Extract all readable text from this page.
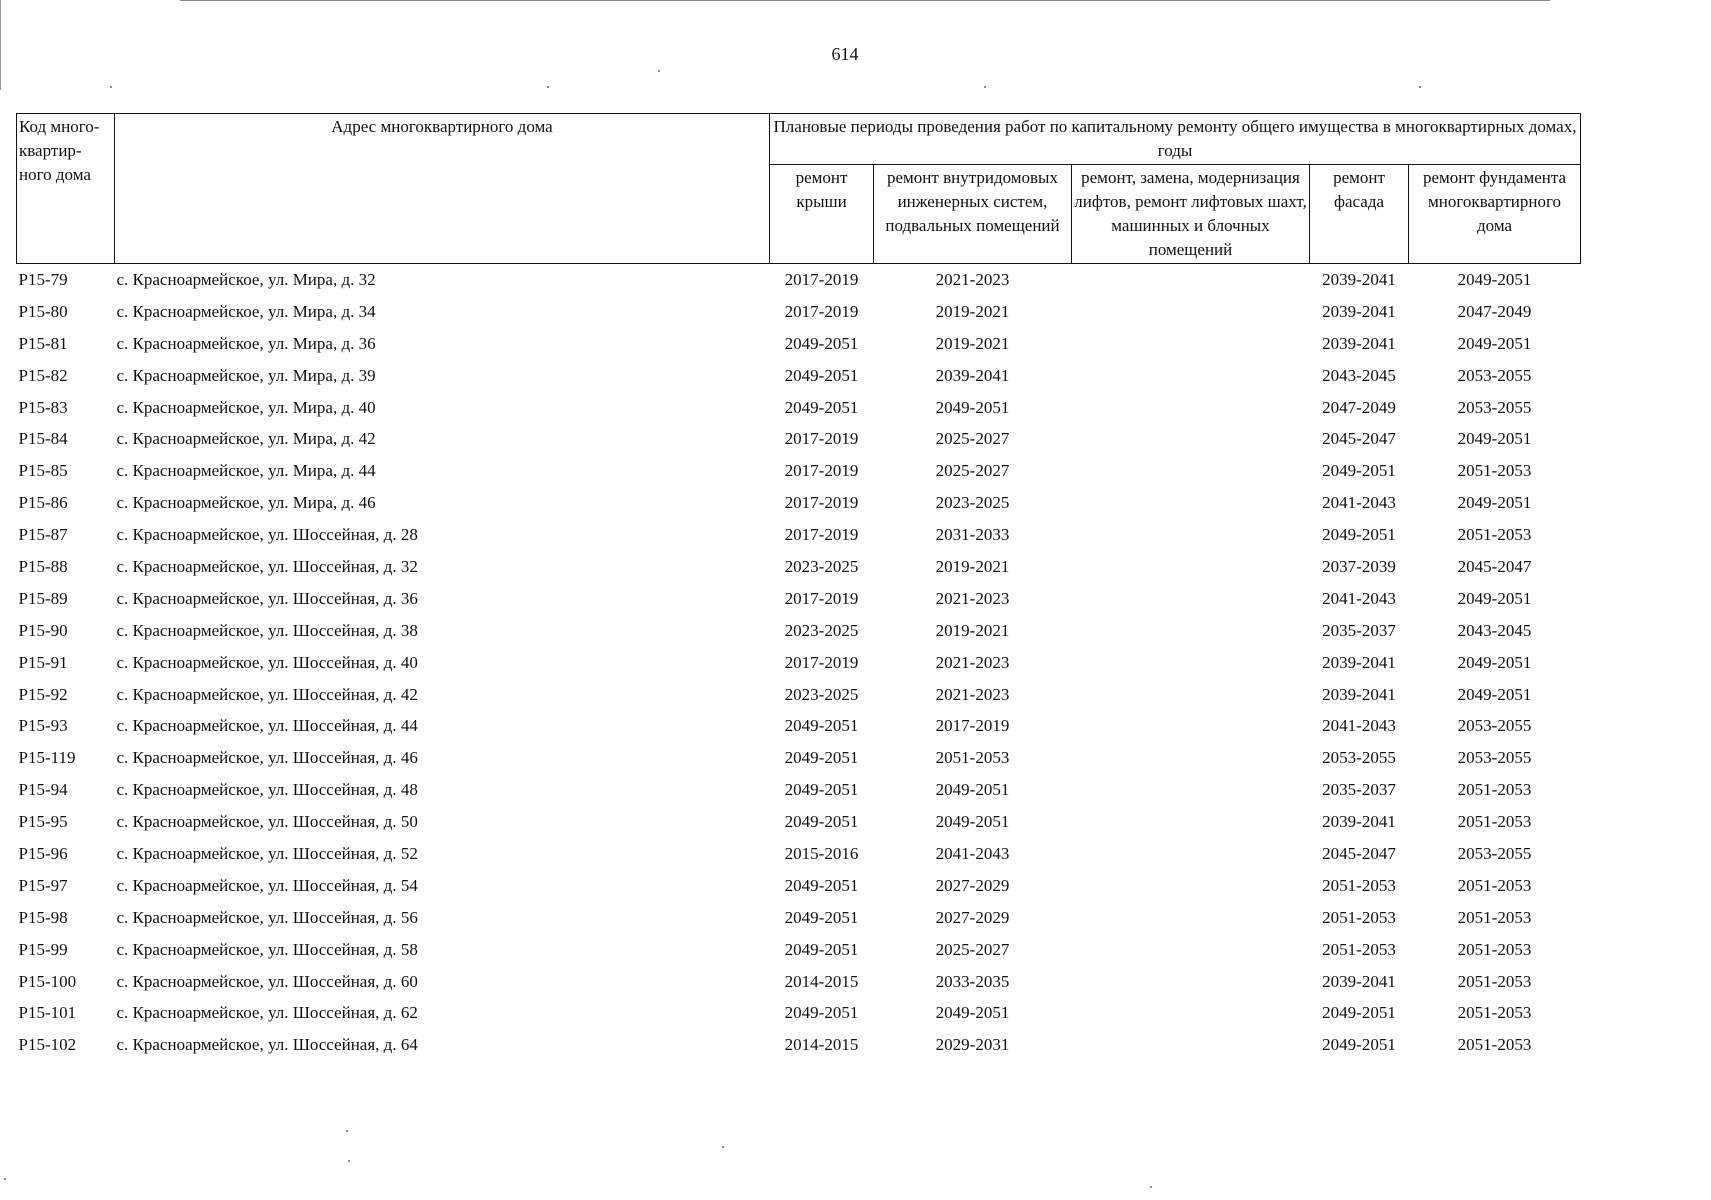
614
Код много-квартир-ного дома	Адрес многоквартирного дома	Плановые периоды проведения работ по капитальному ремонту общего имущества в многоквартирных домах, годы				
		ремонт крыши	ремонт внутридомовых инженерных систем, подвальных помещений	ремонт, замена, модернизация лифтов, ремонт лифтовых шахт, машинных и блочных помещений	ремонт фасада	ремонт фундамента многоквартирного дома
P15-79	с. Красноармейское, ул. Мира, д. 32	2017-2019	2021-2023		2039-2041	2049-2051
P15-80	с. Красноармейское, ул. Мира, д. 34	2017-2019	2019-2021		2039-2041	2047-2049
P15-81	с. Красноармейское, ул. Мира, д. 36	2049-2051	2019-2021		2039-2041	2049-2051
P15-82	с. Красноармейское, ул. Мира, д. 39	2049-2051	2039-2041		2043-2045	2053-2055
P15-83	с. Красноармейское, ул. Мира, д. 40	2049-2051	2049-2051		2047-2049	2053-2055
P15-84	с. Красноармейское, ул. Мира, д. 42	2017-2019	2025-2027		2045-2047	2049-2051
P15-85	с. Красноармейское, ул. Мира, д. 44	2017-2019	2025-2027		2049-2051	2051-2053
P15-86	с. Красноармейское, ул. Мира, д. 46	2017-2019	2023-2025		2041-2043	2049-2051
P15-87	с. Красноармейское, ул. Шоссейная, д. 28	2017-2019	2031-2033		2049-2051	2051-2053
P15-88	с. Красноармейское, ул. Шоссейная, д. 32	2023-2025	2019-2021		2037-2039	2045-2047
P15-89	с. Красноармейское, ул. Шоссейная, д. 36	2017-2019	2021-2023		2041-2043	2049-2051
P15-90	с. Красноармейское, ул. Шоссейная, д. 38	2023-2025	2019-2021		2035-2037	2043-2045
P15-91	с. Красноармейское, ул. Шоссейная, д. 40	2017-2019	2021-2023		2039-2041	2049-2051
P15-92	с. Красноармейское, ул. Шоссейная, д. 42	2023-2025	2021-2023		2039-2041	2049-2051
P15-93	с. Красноармейское, ул. Шоссейная, д. 44	2049-2051	2017-2019		2041-2043	2053-2055
P15-119	с. Красноармейское, ул. Шоссейная, д. 46	2049-2051	2051-2053		2053-2055	2053-2055
P15-94	с. Красноармейское, ул. Шоссейная, д. 48	2049-2051	2049-2051		2035-2037	2051-2053
P15-95	с. Красноармейское, ул. Шоссейная, д. 50	2049-2051	2049-2051		2039-2041	2051-2053
P15-96	с. Красноармейское, ул. Шоссейная, д. 52	2015-2016	2041-2043		2045-2047	2053-2055
P15-97	с. Красноармейское, ул. Шоссейная, д. 54	2049-2051	2027-2029		2051-2053	2051-2053
P15-98	с. Красноармейское, ул. Шоссейная, д. 56	2049-2051	2027-2029		2051-2053	2051-2053
P15-99	с. Красноармейское, ул. Шоссейная, д. 58	2049-2051	2025-2027		2051-2053	2051-2053
P15-100	с. Красноармейское, ул. Шоссейная, д. 60	2014-2015	2033-2035		2039-2041	2051-2053
P15-101	с. Красноармейское, ул. Шоссейная, д. 62	2049-2051	2049-2051		2049-2051	2051-2053
P15-102	с. Красноармейское, ул. Шоссейная, д. 64	2014-2015	2029-2031		2049-2051	2051-2053
